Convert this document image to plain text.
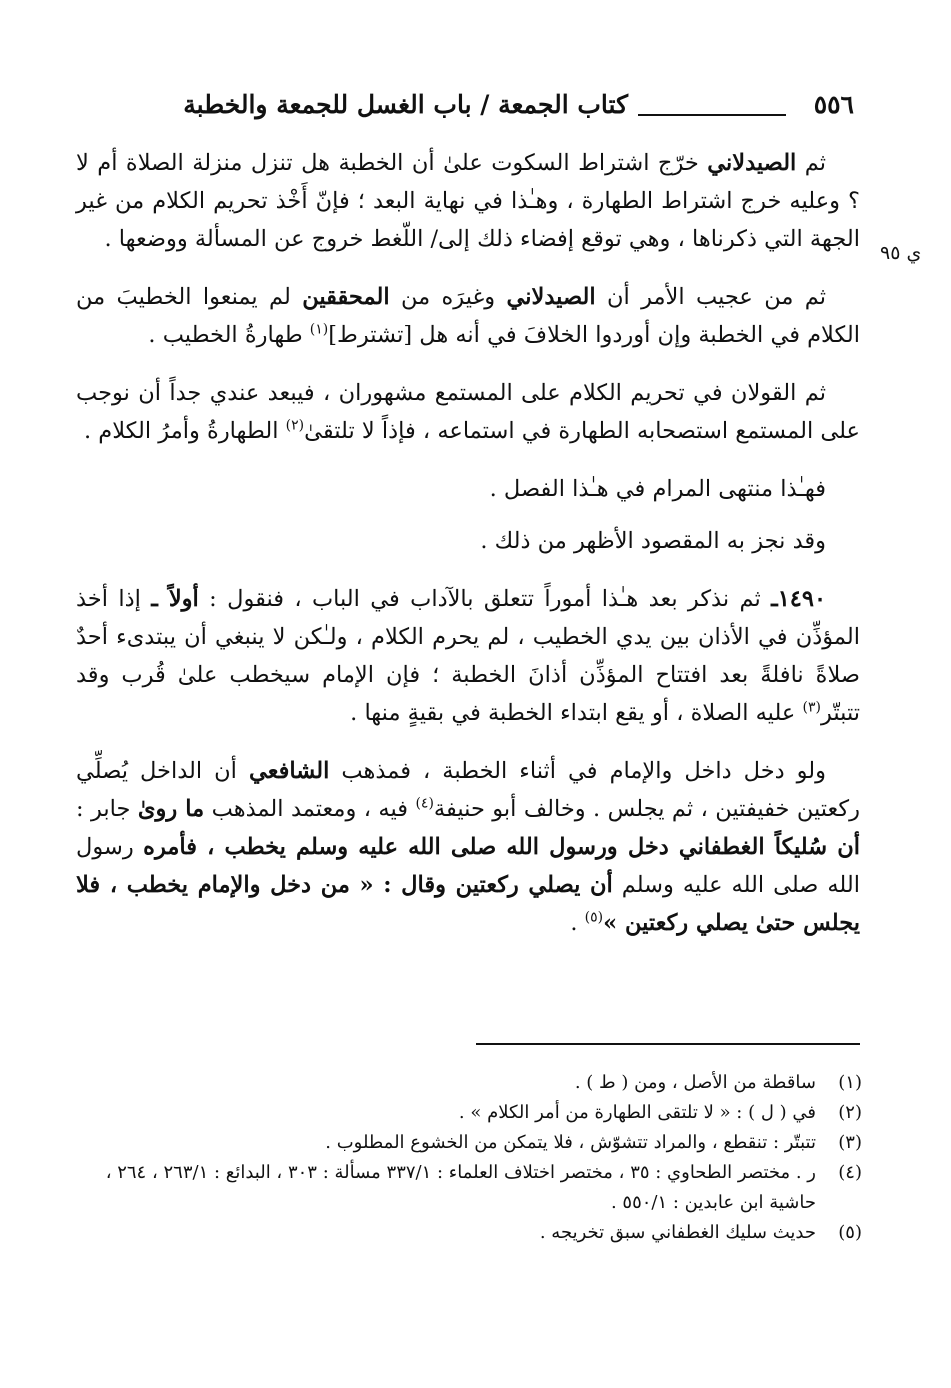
٥٥٦
كتاب الجمعة / باب الغسل للجمعة والخطبة
ي ٩٥

ثم الصيدلاني خرّج اشتراط السكوت علىٰ أن الخطبة هل تنزل منزلة الصلاة أم لا ؟ وعليه خرج اشتراط الطهارة ، وهـٰذا في نهاية البعد ؛ فإنّ أَخْذ تحريم الكلام من غير الجهة التي ذكرناها ، وهي توقع إفضاء ذلك إلى/ اللّغط خروج عن المسألة ووضعها .

ثم من عجيب الأمر أن الصيدلاني وغيرَه من المحققين لم يمنعوا الخطيبَ من الكلام في الخطبة وإن أوردوا الخلافَ في أنه هل [تشترط]$^{(١)}$ طهارةُ الخطيب .

ثم القولان في تحريم الكلام على المستمع مشهوران ، فيبعد عندي جداً أن نوجب على المستمع استصحابه الطهارة في استماعه ، فإذاً لا تلتقىٰ$^{(٢)}$ الطهارةُ وأمرُ الكلام .

فهـٰذا منتهى المرام في هـٰذا الفصل .

وقد نجز به المقصود الأظهر من ذلك .

١٤٩٠ـ ثم نذكر بعد هـٰذا أموراً تتعلق بالآداب في الباب ، فنقول : أولاً ـ إذا أخذ المؤذِّن في الأذان بين يدي الخطيب ، لم يحرم الكلام ، ولـٰكن لا ينبغي أن يبتدىء أحدٌ صلاةً نافلةً بعد افتتاح المؤذِّن أذانَ الخطبة ؛ فإن الإمام سيخطب علىٰ قُرب وقد تتبتّر$^{(٣)}$ عليه الصلاة ، أو يقع ابتداء الخطبة في بقيةٍ منها .

ولو دخل داخل والإمام في أثناء الخطبة ، فمذهب الشافعي أن الداخل يُصلِّي ركعتين خفيفتين ، ثم يجلس . وخالف أبو حنيفة$^{(٤)}$ فيه ، ومعتمد المذهب ما روىٰ جابر : أن سُليكاً الغطفاني دخل ورسول الله صلى الله عليه وسلم يخطب ، فأمره رسول الله صلى الله عليه وسلم أن يصلي ركعتين وقال : « من دخل والإمام يخطب ، فلا يجلس حتىٰ يصلي ركعتين »$^{(٥)}$ .

(١)
ساقطة من الأصل ، ومن ( ط ) .
(٢)
في ( ل ) : « لا تلتقى الطهارة من أمر الكلام » .
(٣)
تتبتّر : تنقطع ، والمراد تتشوّش ، فلا يتمكن من الخشوع المطلوب .
(٤)
ر . مختصر الطحاوي : ٣٥ ، مختصر اختلاف العلماء : ٣٣٧/١ مسألة : ٣٠٣ ، البدائع : ٢٦٣/١ ، ٢٦٤ ، حاشية ابن عابدين : ٥٥٠/١ .
(٥)
حديث سليك الغطفاني سبق تخريجه .
